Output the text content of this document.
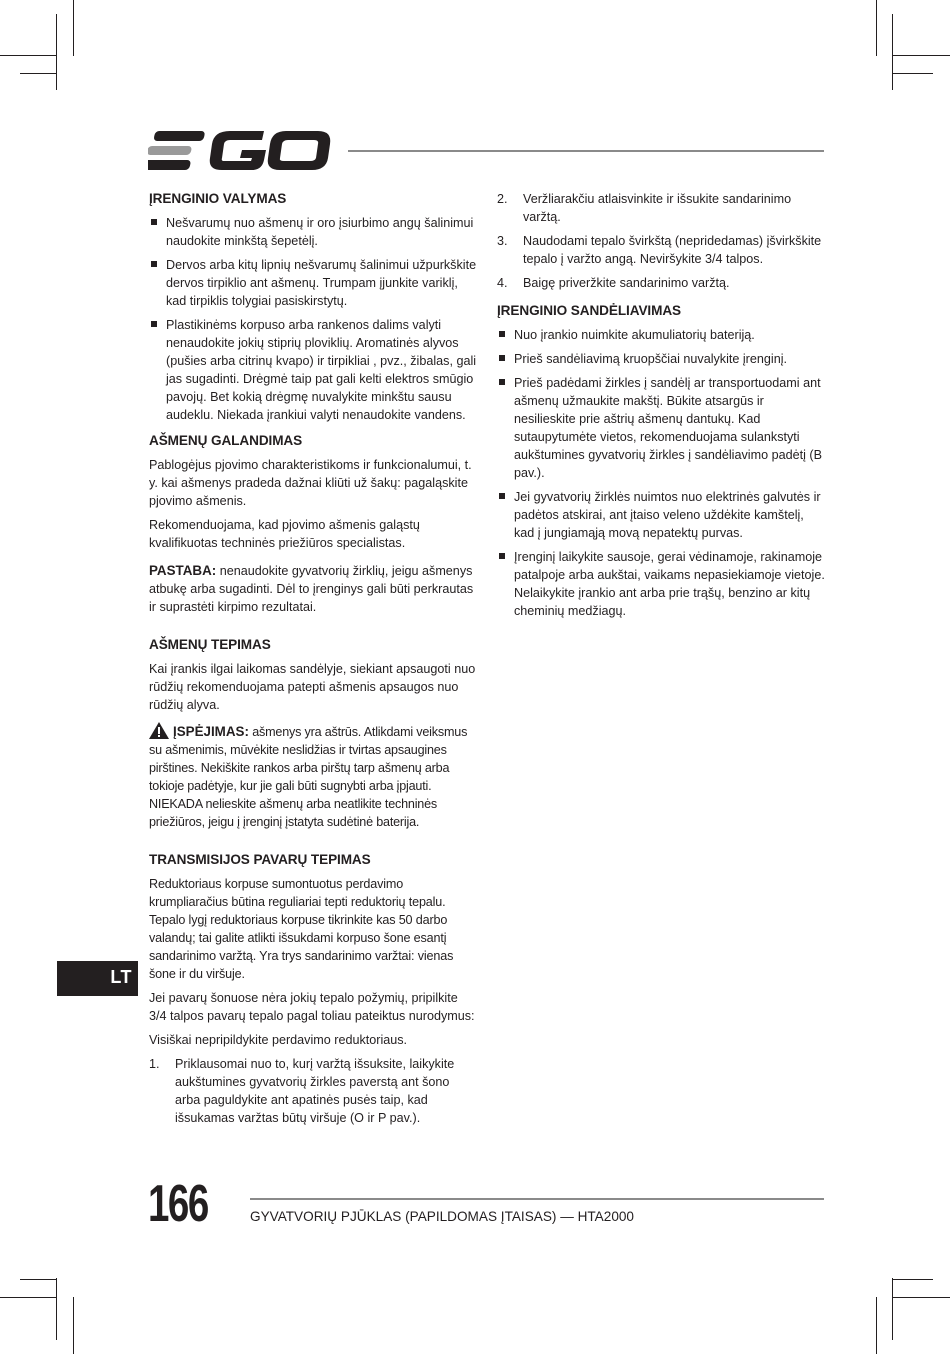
ĮRENGINIO VALYMAS
Nešvarumų nuo ašmenų ir oro įsiurbimo angų šalinimui naudokite minkštą šepetėlį.
Dervos arba kitų lipnių nešvarumų šalinimui užpurkškite dervos tirpiklio ant ašmenų. Trumpam įjunkite variklį, kad tirpiklis tolygiai pasiskirstytų.
Plastikinėms korpuso arba rankenos dalims valyti nenaudokite jokių stiprių ploviklių. Aromatinės alyvos (pušies arba citrinų kvapo) ir tirpikliai , pvz., žibalas, gali jas sugadinti. Drėgmė taip pat gali kelti elektros smūgio pavojų. Bet kokią drėgmę nuvalykite minkštu sausu audeklu. Niekada įrankiui valyti nenaudokite vandens.
AŠMENŲ GALANDIMAS

Pablogėjus pjovimo charakteristikoms ir funkcionalumui, t. y. kai ašmenys pradeda dažnai kliūti už šakų: pagaląskite pjovimo ašmenis.

Rekomenduojama, kad pjovimo ašmenis galąstų kvalifikuotas techninės priežiūros specialistas.

PASTABA: nenaudokite gyvatvorių žirklių, jeigu ašmenys atbukę arba sugadinti. Dėl to įrenginys gali būti perkrautas ir suprastėti kirpimo rezultatai.

AŠMENŲ TEPIMAS

Kai įrankis ilgai laikomas sandėlyje, siekiant apsaugoti nuo rūdžių rekomenduojama patepti ašmenis apsaugos nuo rūdžių alyva.

ĮSPĖJIMAS: ašmenys yra aštrūs. Atlikdami veiksmus su ašmenimis, mūvėkite neslidžias ir tvirtas apsaugines pirštines. Nekiškite rankos arba pirštų tarp ašmenų arba tokioje padėtyje, kur jie gali būti sugnybti arba įpjauti. NIEKADA nelieskite ašmenų arba neatlikite techninės priežiūros, jeigu į įrenginį įstatyta sudėtinė baterija.

TRANSMISIJOS PAVARŲ TEPIMAS

Reduktoriaus korpuse sumontuotus perdavimo krumpliaračius būtina reguliariai tepti reduktorių tepalu. Tepalo lygį reduktoriaus korpuse tikrinkite kas 50 darbo valandų; tai galite atlikti išsukdami korpuso šone esantį sandarinimo varžtą. Yra trys sandarinimo varžtai: vienas šone ir du viršuje.

Jei pavarų šonuose nėra jokių tepalo požymių, pripilkite 3/4 talpos pavarų tepalo pagal toliau pateiktus nurodymus:

Visiškai nepripildykite perdavimo reduktoriaus.

1. Priklausomai nuo to, kurį varžtą išsuksite, laikykite aukštumines gyvatvorių žirkles paverstą ant šono arba paguldykite ant apatinės pusės taip, kad išsukamas varžtas būtų viršuje (O ir P pav.).
2. Veržliarakčiu atlaisvinkite ir išsukite sandarinimo varžtą.
3. Naudodami tepalo švirkštą (nepridedamas) įšvirkškite tepalo į varžto angą. Neviršykite 3/4 talpos.
4. Baigę priveržkite sandarinimo varžtą.
ĮRENGINIO SANDĖLIAVIMAS
Nuo įrankio nuimkite akumuliatorių bateriją.
Prieš sandėliavimą kruopščiai nuvalykite įrenginį.
Prieš padėdami žirkles į sandėlį ar transportuodami ant ašmenų užmaukite makštį. Būkite atsargūs ir nesilieskite prie aštrių ašmenų dantukų. Kad sutaupytumėte vietos, rekomenduojama sulankstyti aukštumines gyvatvorių žirkles į sandėliavimo padėtį (B pav.).
Jei gyvatvorių žirklės nuimtos nuo elektrinės galvutės ir padėtos atskirai, ant įtaiso veleno uždėkite kamštelį, kad į jungiamąją movą nepatektų purvas.
Įrenginį laikykite sausoje, gerai vėdinamoje, rakinamoje patalpoje arba aukštai, vaikams nepasiekiamoje vietoje. Nelaikykite įrankio ant arba prie trąšų, benzino ar kitų cheminių medžiagų.
LT
166	GYVATVORIŲ PJŪKLAS (PAPILDOMAS ĮTAISAS) — HTA2000
